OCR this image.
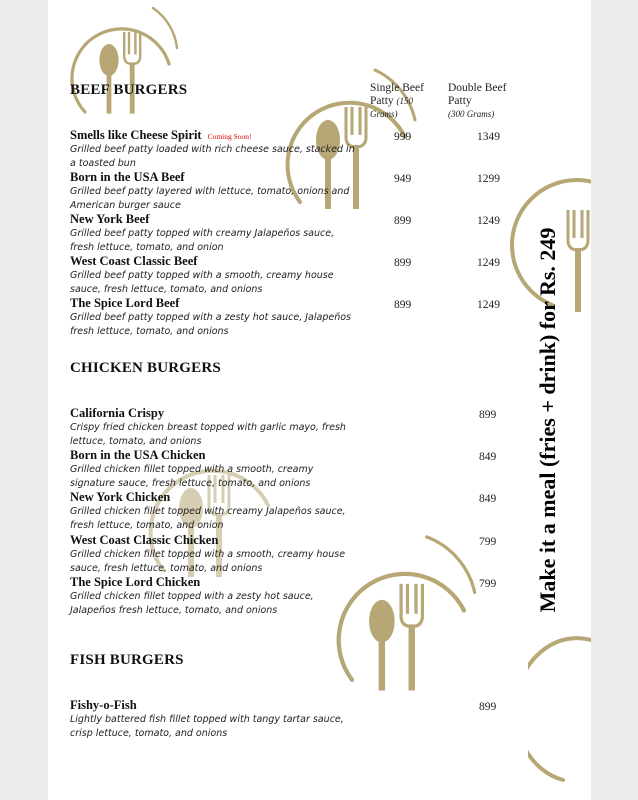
Single Beef Patty (150 Grams)
Double Beef Patty
(300 Grams)
BEEF BURGERS
Smells like Cheese Spirit Coming Soon!
Grilled beef patty loaded with rich cheese sauce, stacked in a toasted bun
999	1349
Born in the USA Beef
Grilled beef patty layered with lettuce, tomato, onions and American burger sauce
949	1299
New York Beef
Grilled beef patty topped with creamy Jalapeños sauce, fresh lettuce, tomato, and onion
899	1249
West Coast Classic Beef
Grilled beef patty topped with a smooth, creamy house sauce, fresh lettuce, tomato, and onions
899	1249
The Spice Lord Beef
Grilled beef patty topped with a zesty hot sauce, Jalapeños fresh lettuce, tomato, and onions
899	1249
CHICKEN BURGERS
California Crispy
Crispy fried chicken breast topped with garlic mayo, fresh lettuce, tomato, and onions
899
Born in the USA Chicken
Grilled chicken fillet topped with a smooth, creamy signature sauce, fresh lettuce, tomato, and onions
849
New York Chicken
Grilled chicken fillet topped with creamy Jalapeños sauce, fresh lettuce, tomato, and onion
849
West Coast Classic Chicken
Grilled chicken fillet topped with a smooth, creamy house sauce, fresh lettuce, tomato, and onions
799
The Spice Lord Chicken
Grilled chicken fillet topped with a zesty hot sauce, Jalapeños fresh lettuce, tomato, and onions
799
FISH BURGERS
Fishy-o-Fish
Lightly battered fish fillet topped with tangy tartar sauce, crisp lettuce, tomato, and onions
899
Make it a meal (fries + drink) for Rs. 249
